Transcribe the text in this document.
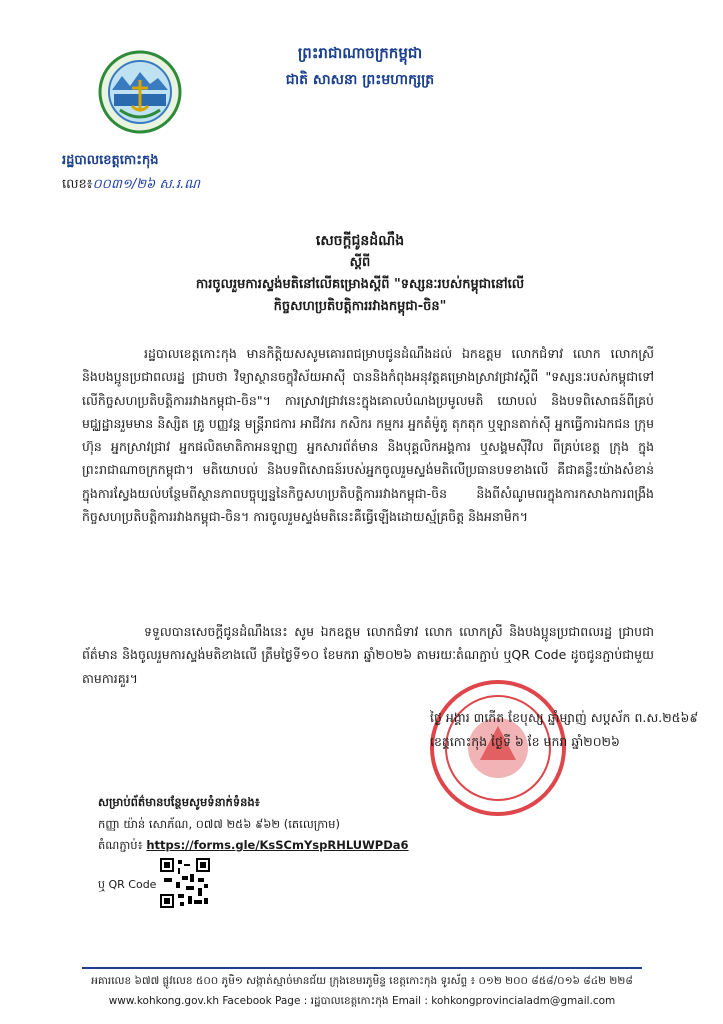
ព្រះរាជាណាចក្រកម្ពុជា
ជាតិ សាសនា ព្រះមហាក្សត្រ
រដ្ឋបាលខេត្តកោះកុង
លេខ៖០០៣១/២៦ ស.រ.ណ
សេចក្តីជូនដំណឹង
ស្តីពី
ការចូលរួមការស្ទង់មតិនៅលើគម្រោងស្តីពី "ទស្សនៈរបស់កម្ពុជានៅលើ
កិច្ចសហប្រតិបត្តិការរវាងកម្ពុជា-ចិន"
រដ្ឋបាលខេត្តកោះកុង មានកិត្តិយសសូមគោរពជម្រាបជូនដំណឹងដល់ ឯកឧត្តម លោកជំទាវ លោក លោកស្រី និងបងប្អូនប្រជាពលរដ្ឋ ជ្រាបថា វិទ្យាស្ថានចក្ខុវិស័យអាស៊ី បាននិងកំពុងអនុវត្តគម្រោងស្រាវជ្រាវស្តីពី "ទស្សនៈរបស់កម្ពុជាទៅលើកិច្ចសហប្រតិបត្តិការរវាងកម្ពុជា-ចិន"។ ការស្រាវជ្រាវនេះក្នុងគោលបំណងប្រមូលមតិ យោបល់ និងបទពិសោធន៍ពីគ្រប់មជ្ឈដ្ឋានរួមមាន និស្សិត គ្រូ បញ្ញវន្ត មន្ត្រីរាជការ អាជីវករ កសិករ កម្មករ អ្នកតំម៉ូតូ តុកតុក ឬឡានតាក់ស៊ី អ្នកធ្វើការឯកជន ក្រុមហ៊ុន អ្នកស្រាវជ្រាវ អ្នកផលិតមាតិកាអនឡាញ អ្នកសារព័ត៌មាន និងបុគ្គលិកអង្គការ ឬសង្គមស៊ីវិល ពីគ្រប់ខេត្ត ក្រុង ក្នុងព្រះរាជាណាចក្រកម្ពុជា។ មតិយោបល់ និងបទពិសោធន៍របស់អ្នកចូលរួមស្ទង់មតិលើប្រធានបទខាងលើ គឺជាគន្លឹះយ៉ាងសំខាន់ក្នុងការស្វែងយល់បន្ថែមពីស្ថានភាពបច្ចុប្បន្ននៃកិច្ចសហប្រតិបត្តិការរវាងកម្ពុជា-ចិន និងពីសំណូមពរក្នុងការកសាងការពង្រឹងកិច្ចសហប្រតិបត្តិការរវាងកម្ពុជា-ចិន។ ការចូលរួមស្ទង់មតិនេះគឺធ្វើឡើងដោយស្ម័គ្រចិត្ត និងអនាមិក។
ទទួលបានសេចក្តីជូនដំណឹងនេះ សូម ឯកឧត្តម លោកជំទាវ លោក លោកស្រី និងបងប្អូនប្រជាពលរដ្ឋ ជ្រាបជាព័ត៌មាន និងចូលរួមការស្ទង់មតិខាងលើ ត្រឹមថ្ងៃទី១០ ខែមករា ឆ្នាំ២០២៦ តាមរយៈតំណភ្ជាប់ ឬQR Code ដូចជូនភ្ជាប់ជាមួយ តាមការគួរ។
ថ្ងៃ អង្គារ ៣កើត ខែបុស្ស ឆ្នាំម្សាញ់ សប្តស័ក ព.ស.២៥៦៩
ខេត្តកោះកុង ថ្ងៃទី ៦ ខែ មករា ឆ្នាំ២០២៦
សម្រាប់ព័ត៌មានបន្ថែមសូមទំនាក់ទំនង៖
កញ្ញា យ៉ាន់ សោភ័ណ, ០៧៧ ២៥៦ ៩៦២ (តេលេក្រាម)
តំណភ្ជាប់៖ https://forms.gle/KsSCmYspRHLUWPDa6
ឬ QR Code
អគារលេខ ៦៧៧ ផ្លូវលេខ ៥០០ ភូមិ១ សង្កាត់ស្មាច់មានជ័យ ក្រុងខេមរភូមិន្ទ ខេត្តកោះកុង ទូរស័ព្ទ ៖ ០១២ ២០០ ៨៥៨/០១៦ ៨៤២ ២២៨
www.kohkong.gov.kh Facebook Page : រដ្ឋបាលខេត្តកោះកុង Email : kohkongprovincialadm@gmail.com
